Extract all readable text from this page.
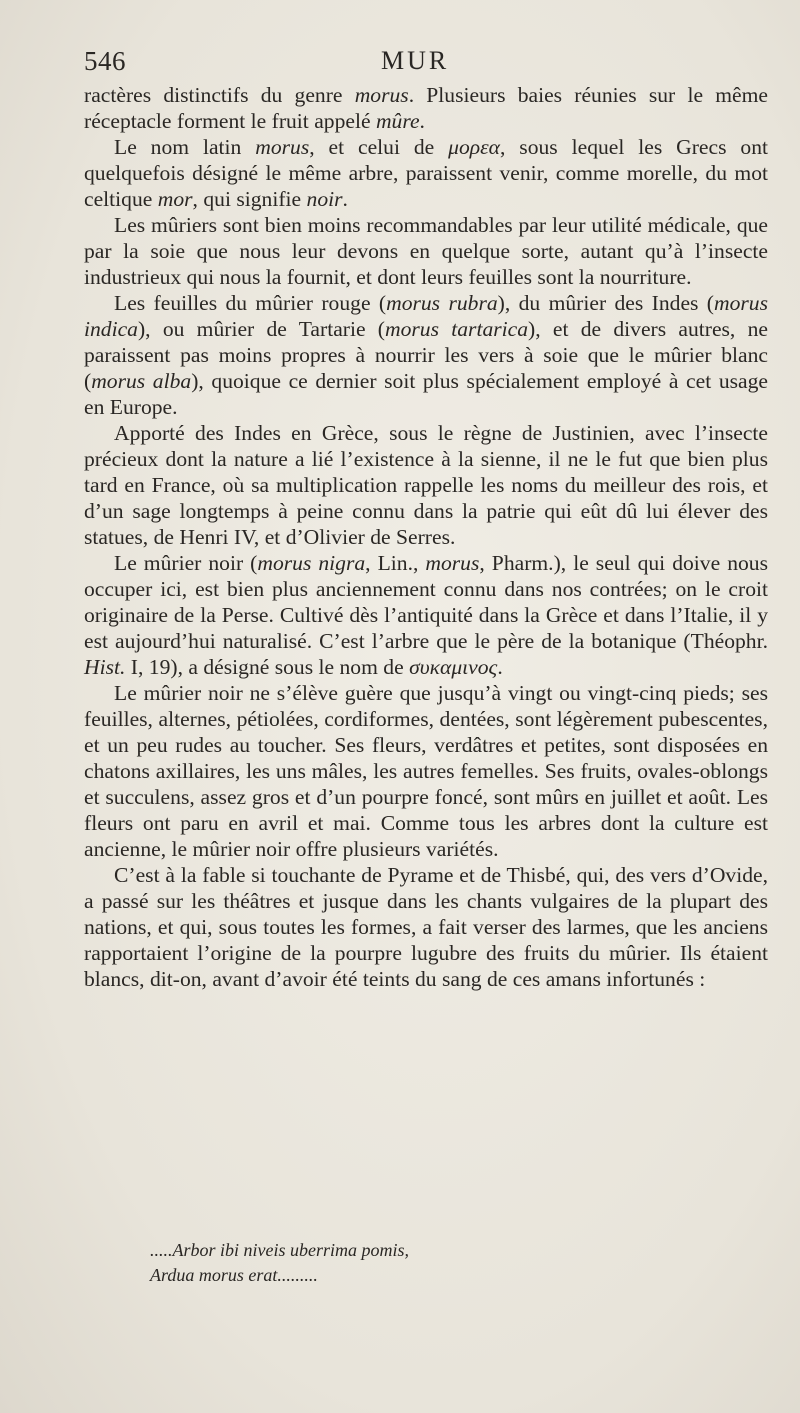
546	MUR

ractères distinctifs du genre morus. Plusieurs baies réunies sur le même réceptacle forment le fruit appelé mûre.

Le nom latin morus, et celui de μορεα, sous lequel les Grecs ont quelquefois désigné le même arbre, paraissent venir, comme morelle, du mot celtique mor, qui signifie noir.

Les mûriers sont bien moins recommandables par leur utilité médicale, que par la soie que nous leur devons en quelque sorte, autant qu’à l’insecte industrieux qui nous la fournit, et dont leurs feuilles sont la nourriture.

Les feuilles du mûrier rouge (morus rubra), du mûrier des Indes (morus indica), ou mûrier de Tartarie (morus tartarica), et de divers autres, ne paraissent pas moins propres à nourrir les vers à soie que le mûrier blanc (morus alba), quoique ce dernier soit plus spécialement employé à cet usage en Europe.

Apporté des Indes en Grèce, sous le règne de Justinien, avec l’insecte précieux dont la nature a lié l’existence à la sienne, il ne le fut que bien plus tard en France, où sa multiplication rappelle les noms du meilleur des rois, et d’un sage longtemps à peine connu dans la patrie qui eût dû lui élever des statues, de Henri IV, et d’Olivier de Serres.

Le mûrier noir (morus nigra, Lin., morus, Pharm.), le seul qui doive nous occuper ici, est bien plus anciennement connu dans nos contrées; on le croit originaire de la Perse. Cultivé dès l’antiquité dans la Grèce et dans l’Italie, il y est aujourd’hui naturalisé. C’est l’arbre que le père de la botanique (Théophr. Hist. I, 19), a désigné sous le nom de συκαμινος.

Le mûrier noir ne s’élève guère que jusqu’à vingt ou vingt-cinq pieds; ses feuilles, alternes, pétiolées, cordiformes, dentées, sont légèrement pubescentes, et un peu rudes au toucher. Ses fleurs, verdâtres et petites, sont disposées en chatons axillaires, les uns mâles, les autres femelles. Ses fruits, ovales-oblongs et succulens, assez gros et d’un pourpre foncé, sont mûrs en juillet et août. Les fleurs ont paru en avril et mai. Comme tous les arbres dont la culture est ancienne, le mûrier noir offre plusieurs variétés.

C’est à la fable si touchante de Pyrame et de Thisbé, qui, des vers d’Ovide, a passé sur les théâtres et jusque dans les chants vulgaires de la plupart des nations, et qui, sous toutes les formes, a fait verser des larmes, que les anciens rapportaient l’origine de la pourpre lugubre des fruits du mûrier. Ils étaient blancs, dit-on, avant d’avoir été teints du sang de ces amans infortunés :

.....Arbor ibi niveis uberrima pomis,
Ardua morus erat.........
